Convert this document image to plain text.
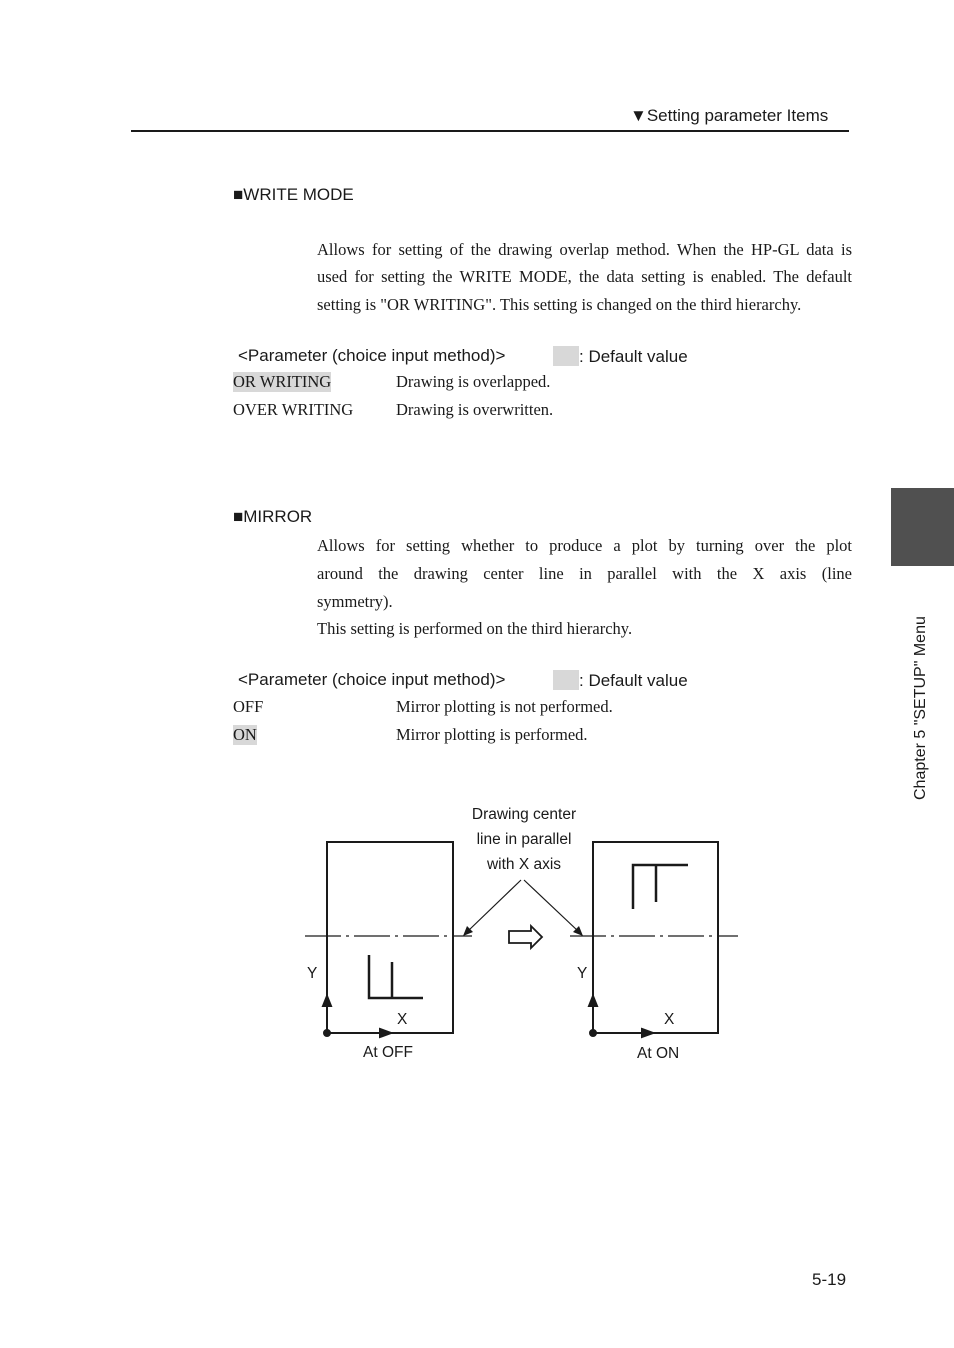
▼Setting parameter Items
■WRITE MODE
Allows for setting of the drawing overlap method. When the HP-GL data is
used for setting the WRITE MODE, the data setting is enabled. The default
setting is "OR WRITING". This setting is changed on the third hierarchy.
<Parameter (choice input method)>	: Default value
OR WRITING	Drawing is overlapped.
OVER WRITING	Drawing is overwritten.
■MIRROR
Allows for setting whether to produce a plot by turning over the plot
around the drawing center line in parallel with the X axis (line
symmetry).
This setting is performed on the third hierarchy.
<Parameter (choice input method)>	: Default value
OFF	Mirror plotting is not performed.
ON	Mirror plotting is performed.
Drawing center
line in parallel
with X axis
Y
X
At OFF
Y
X
At ON
Chapter 5 "SETUP" Menu
5-19
